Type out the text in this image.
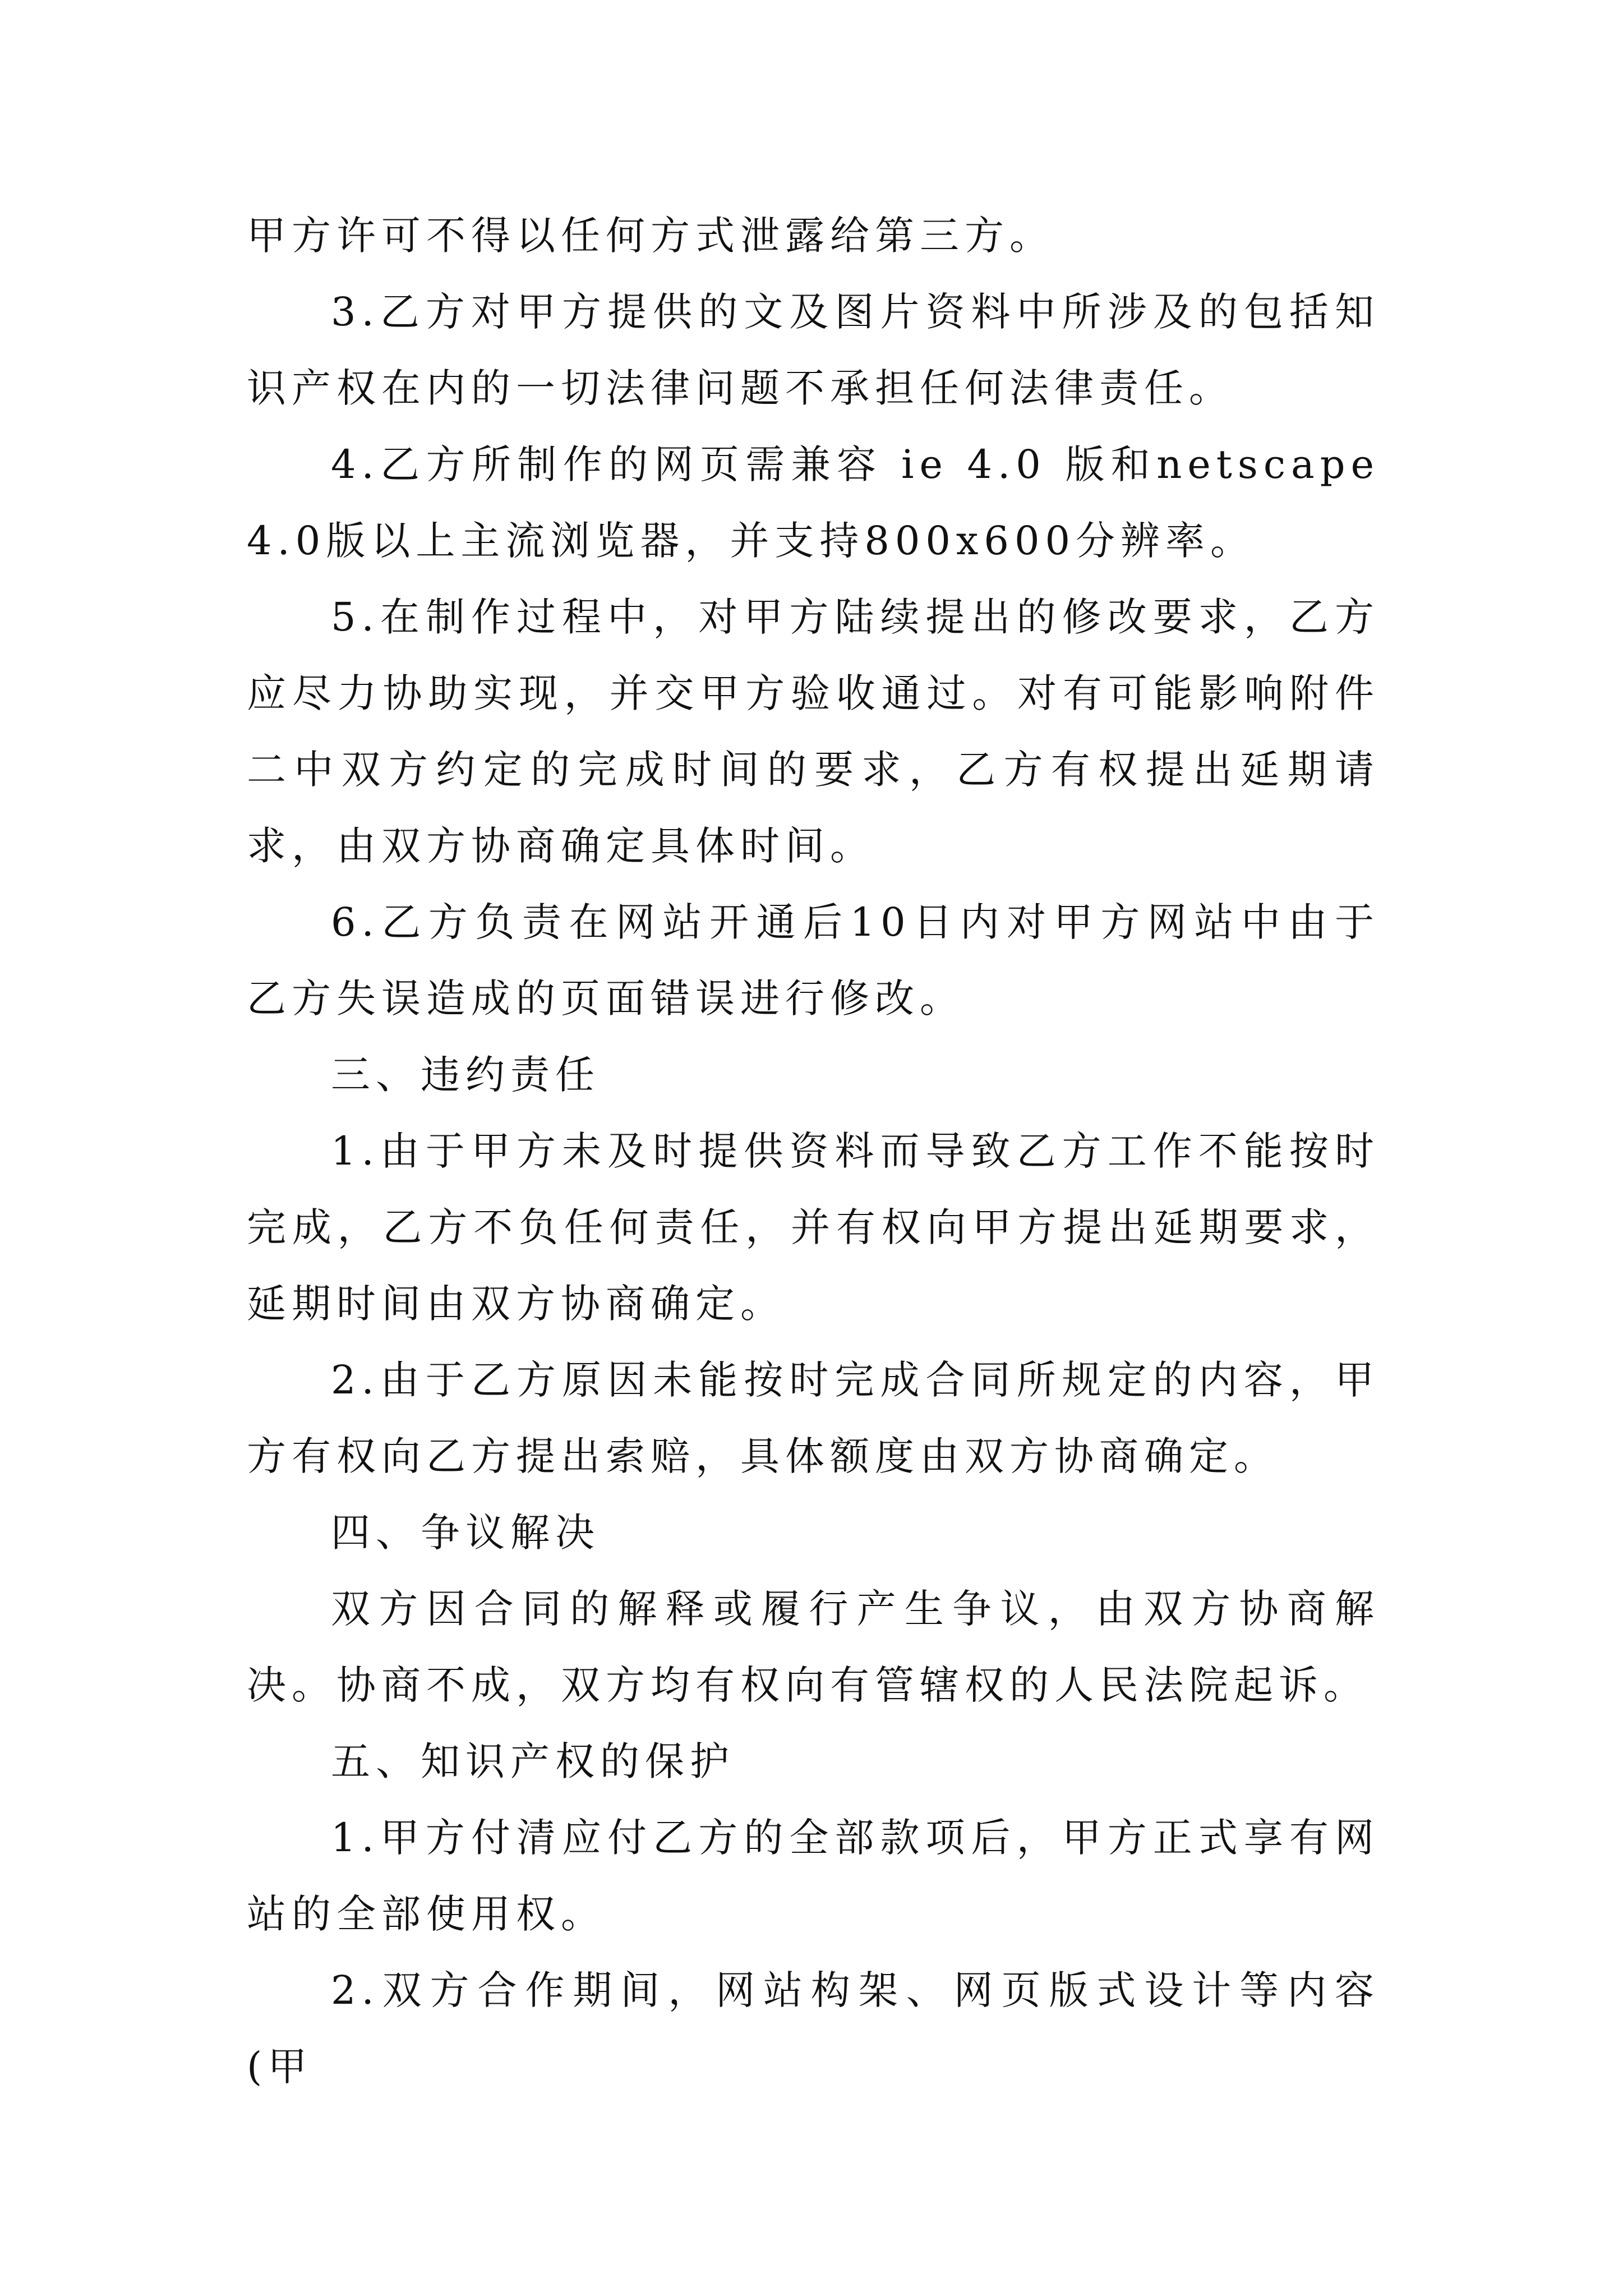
甲方许可不得以任何方式泄露给第三方。

3.乙方对甲方提供的文及图片资料中所涉及的包括知识产权在内的一切法律问题不承担任何法律责任。

4.乙方所制作的网页需兼容 ie 4.0 版和netscape 4.0版以上主流浏览器，并支持800x600分辨率。

5.在制作过程中，对甲方陆续提出的修改要求，乙方应尽力协助实现，并交甲方验收通过。对有可能影响附件二中双方约定的完成时间的要求，乙方有权提出延期请求，由双方协商确定具体时间。

6.乙方负责在网站开通后10日内对甲方网站中由于乙方失误造成的页面错误进行修改。

三、违约责任

1.由于甲方未及时提供资料而导致乙方工作不能按时完成，乙方不负任何责任，并有权向甲方提出延期要求，延期时间由双方协商确定。

2.由于乙方原因未能按时完成合同所规定的内容，甲方有权向乙方提出索赔，具体额度由双方协商确定。

四、争议解决

双方因合同的解释或履行产生争议，由双方协商解决。协商不成，双方均有权向有管辖权的人民法院起诉。

五、知识产权的保护

1.甲方付清应付乙方的全部款项后，甲方正式享有网站的全部使用权。

2.双方合作期间，网站构架、网页版式设计等内容(甲
